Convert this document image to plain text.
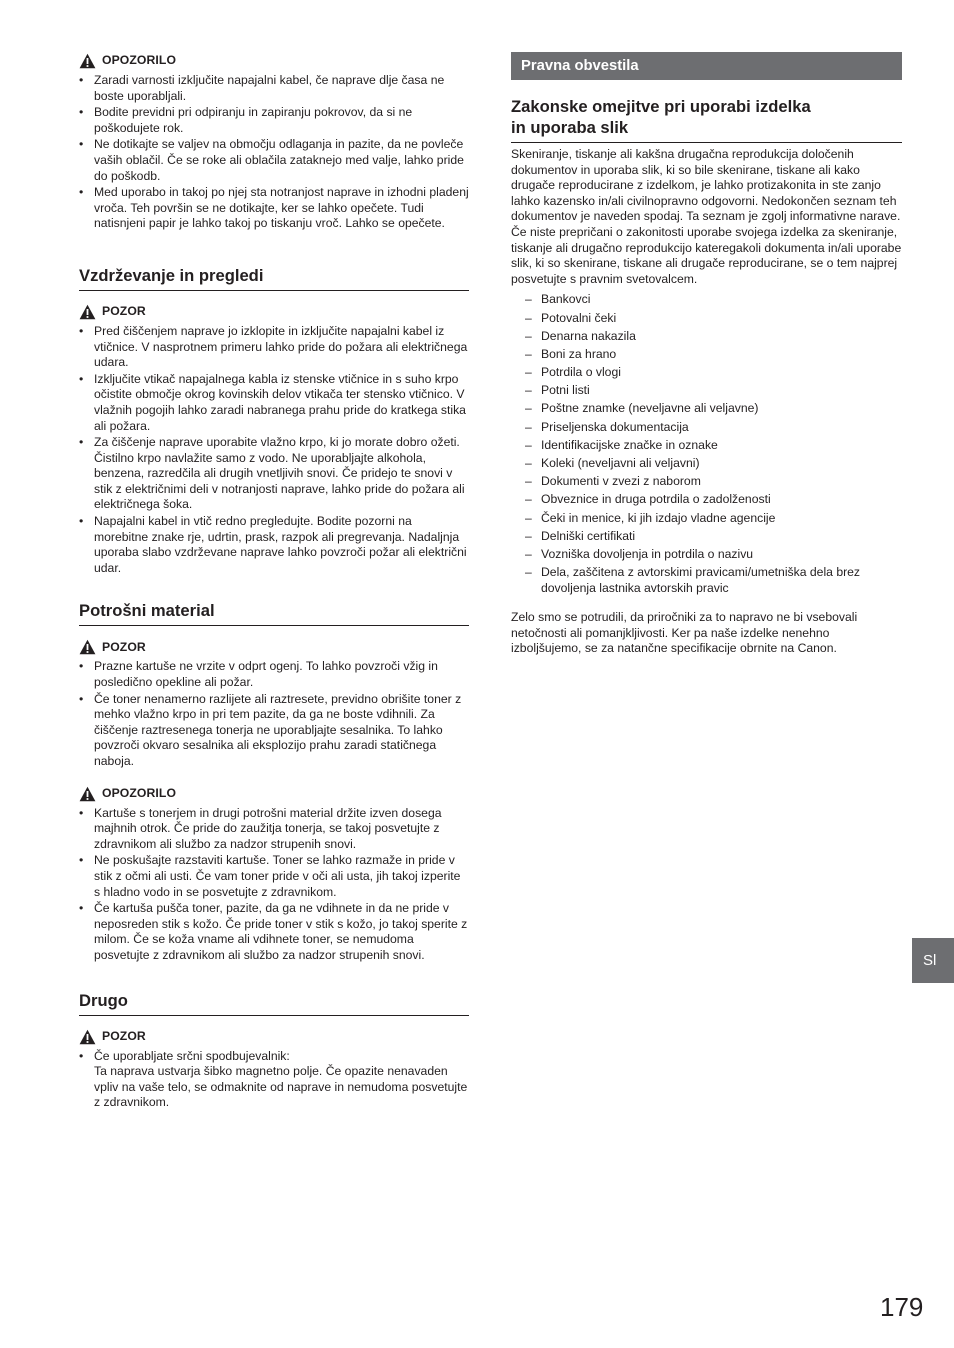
OPOZORILO
• Zaradi varnosti izključite napajalni kabel, če naprave dlje časa ne boste uporabljali.
• Bodite previdni pri odpiranju in zapiranju pokrovov, da si ne poškodujete rok.
• Ne dotikajte se valjev na območju odlaganja in pazite, da ne povleče vaših oblačil. Če se roke ali oblačila zataknejo med valje, lahko pride do poškodb.
• Med uporabo in takoj po njej sta notranjost naprave in izhodni pladenj vroča. Teh površin se ne dotikajte, ker se lahko opečete. Tudi natisnjeni papir je lahko takoj po tiskanju vroč. Lahko se opečete.
Vzdrževanje in pregledi
POZOR
• Pred čiščenjem naprave jo izklopite in izključite napajalni kabel iz vtičnice. V nasprotnem primeru lahko pride do požara ali električnega udara.
• Izključite vtikač napajalnega kabla iz stenske vtičnice in s suho krpo očistite območje okrog kovinskih delov vtikača ter stensko vtičnico. V vlažnih pogojih lahko zaradi nabranega prahu pride do kratkega stika ali požara.
• Za čiščenje naprave uporabite vlažno krpo, ki jo morate dobro ožeti. Čistilno krpo navlažite samo z vodo. Ne uporabljajte alkohola, benzena, razredčila ali drugih vnetljivih snovi. Če pridejo te snovi v stik z električnimi deli v notranjosti naprave, lahko pride do požara ali električnega šoka.
• Napajalni kabel in vtič redno pregledujte. Bodite pozorni na morebitne znake rje, udrtin, prask, razpok ali pregrevanja. Nadaljnja uporaba slabo vzdrževane naprave lahko povzroči požar ali električni udar.
Potrošni material
POZOR
• Prazne kartuše ne vrzite v odprt ogenj. To lahko povzroči vžig in posledično opekline ali požar.
• Če toner nenamerno razlijete ali raztresete, previdno obrišite toner z mehko vlažno krpo in pri tem pazite, da ga ne boste vdihnili. Za čiščenje raztresenega tonerja ne uporabljajte sesalnika. To lahko povzroči okvaro sesalnika ali eksplozijo prahu zaradi statičnega naboja.
OPOZORILO
• Kartuše s tonerjem in drugi potrošni material držite izven dosega majhnih otrok. Če pride do zaužitja tonerja, se takoj posvetujte z zdravnikom ali službo za nadzor strupenih snovi.
• Ne poskušajte razstaviti kartuše. Toner se lahko razmaže in pride v stik z očmi ali usti. Če vam toner pride v oči ali usta, jih takoj izperite s hladno vodo in se posvetujte z zdravnikom.
• Če kartuša pušča toner, pazite, da ga ne vdihnete in da ne pride v neposreden stik s kožo. Če pride toner v stik s kožo, jo takoj sperite z milom. Če se koža vname ali vdihnete toner, se nemudoma posvetujte z zdravnikom ali službo za nadzor strupenih snovi.
Drugo
POZOR
• Če uporabljate srčni spodbujevalnik:
Ta naprava ustvarja šibko magnetno polje. Če opazite nenavaden vpliv na vaše telo, se odmaknite od naprave in nemudoma posvetujte z zdravnikom.
Pravna obvestila
Zakonske omejitve pri uporabi izdelka
in uporaba slik

Skeniranje, tiskanje ali kakšna drugačna reprodukcija določenih dokumentov in uporaba slik, ki so bile skenirane, tiskane ali kako drugače reproducirane z izdelkom, je lahko protizakonita in ste zanjo lahko kazensko in/ali civilnopravno odgovorni. Nedokončen seznam teh dokumentov je naveden spodaj. Ta seznam je zgolj informativne narave. Če niste prepričani o zakonitosti uporabe svojega izdelka za skeniranje, tiskanje ali drugačno reprodukcijo kateregakoli dokumenta in/ali uporabe slik, ki so skenirane, tiskane ali drugače reproducirane, se o tem najprej posvetujte s pravnim svetovalcem.

– Bankovci
– Potovalni čeki
– Denarna nakazila
– Boni za hrano
– Potrdila o vlogi
– Potni listi
– Poštne znamke (neveljavne ali veljavne)
– Priseljenska dokumentacija
– Identifikacijske značke in oznake
– Koleki (neveljavni ali veljavni)
– Dokumenti v zvezi z naborom
– Obveznice in druga potrdila o zadolženosti
– Čeki in menice, ki jih izdajo vladne agencije
– Delniški certifikati
– Vozniška dovoljenja in potrdila o nazivu
– Dela, zaščitena z avtorskimi pravicami/umetniška dela brez dovoljenja lastnika avtorskih pravic

Zelo smo se potrudili, da priročniki za to napravo ne bi vsebovali netočnosti ali pomanjkljivosti. Ker pa naše izdelke nenehno izboljšujemo, se za natančne specifikacije obrnite na Canon.

Sl
179
